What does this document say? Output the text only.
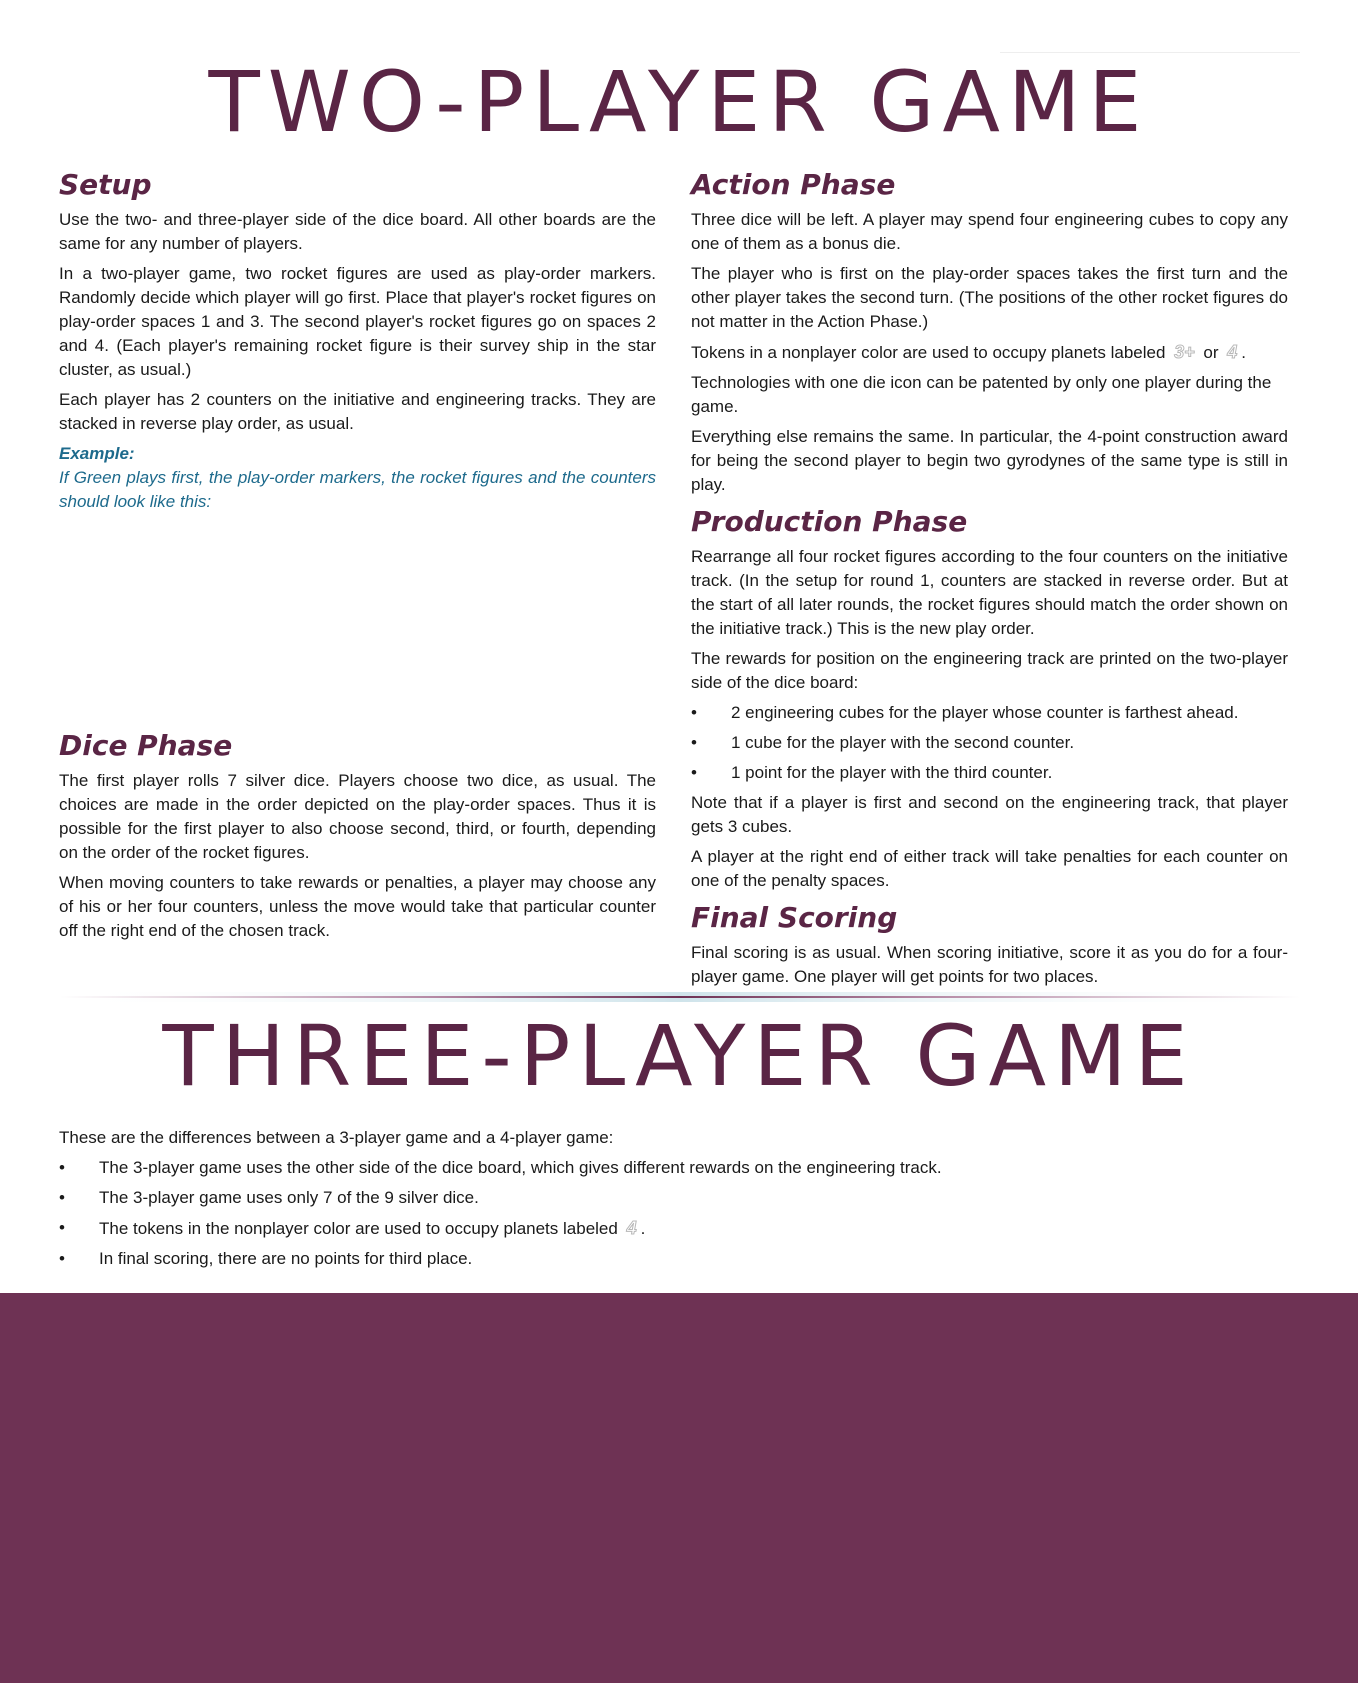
TWO-PLAYER GAME
Setup

Use the two- and three-player side of the dice board. All other boards are the same for any number of players.

In a two-player game, two rocket figures are used as play-order markers. Randomly decide which player will go first. Place that player's rocket figures on play-order spaces 1 and 3. The second player's rocket figures go on spaces 2 and 4. (Each player's remaining rocket figure is their survey ship in the star cluster, as usual.)

Each player has 2 counters on the initiative and engineering tracks. They are stacked in reverse play order, as usual.

Example:

If Green plays first, the play-order markers, the rocket figures and the counters should look like this:

Dice Phase

The first player rolls 7 silver dice. Players choose two dice, as usual. The choices are made in the order depicted on the play-order spaces. Thus it is possible for the first player to also choose second, third, or fourth, depending on the order of the rocket figures.

When moving counters to take rewards or penalties, a player may choose any of his or her four counters, unless the move would take that particular counter off the right end of the chosen track.

Action Phase

Three dice will be left. A player may spend four engineering cubes to copy any one of them as a bonus die.

The player who is first on the play-order spaces takes the first turn and the other player takes the second turn. (The positions of the other rocket figures do not matter in the Action Phase.)

Tokens in a nonplayer color are used to occupy planets labeled 3+ or 4 .

Technologies with one die icon can be patented by only one player during the game.

Everything else remains the same. In particular, the 4-point construction award for being the second player to begin two gyrodynes of the same type is still in play.

Production Phase

Rearrange all four rocket figures according to the four counters on the initiative track. (In the setup for round 1, counters are stacked in reverse order. But at the start of all later rounds, the rocket figures should match the order shown on the initiative track.) This is the new play order.

The rewards for position on the engineering track are printed on the two-player side of the dice board:

•	2 engineering cubes for the player whose counter is farthest ahead.
•	1 cube for the player with the second counter.
•	1 point for the player with the third counter.

Note that if a player is first and second on the engineering track, that player gets 3 cubes.

A player at the right end of either track will take penalties for each counter on one of the penalty spaces.

Final Scoring

Final scoring is as usual. When scoring initiative, score it as you do for a four-player game. One player will get points for two places.

THREE-PLAYER GAME

These are the differences between a 3-player game and a 4-player game:

•	The 3-player game uses the other side of the dice board, which gives different rewards on the engineering track.
•	The 3-player game uses only 7 of the 9 silver dice.
•	The tokens in the nonplayer color are used to occupy planets labeled 4 .
•	In final scoring, there are no points for third place.
